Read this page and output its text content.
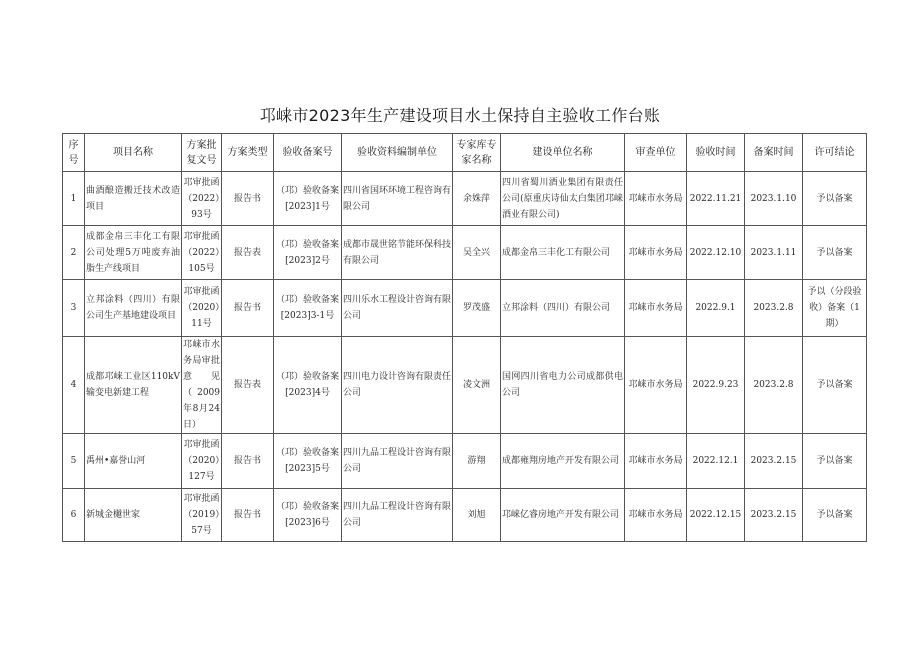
邛崃市2023年生产建设项目水土保持自主验收工作台账
序号	项目名称	方案批复文号	方案类型	验收备案号	验收资料编制单位	专家库专家名称	建设单位名称	审查单位	验收时间	备案时间	许可结论
1	曲酒酿造搬迁技术改造项目	邛审批函（2022）93号	报告书	（邛）验收备案[2023]1号	四川省国环环境工程咨询有限公司	余姝萍	四川省蜀川酒业集团有限责任公司(原重庆诗仙太白集团邛崃酒业有限公司)	邛崃市水务局	2022.11.21	2023.1.10	予以备案
2	成都金帛三丰化工有限公司处理5万吨废弃油脂生产线项目	邛审批函（2022）105号	报告表	（邛）验收备案[2023]2号	成都市晟世铭节能环保科技有限公司	吴全兴	成都金帛三丰化工有限公司	邛崃市水务局	2022.12.10	2023.1.11	予以备案
3	立邦涂料（四川）有限公司生产基地建设项目	邛审批函（2020）11号	报告书	（邛）验收备案[2023]3-1号	四川乐水工程设计咨询有限公司	罗茂盛	立邦涂料（四川）有限公司	邛崃市水务局	2022.9.1	2023.2.8	予以（分段验收）备案（1期）
4	成都邛崃工业区110kV输变电新建工程	邛崃市水务局审批意见（2009年8月24日）	报告表	（邛）验收备案[2023]4号	四川电力设计咨询有限责任公司	凌文洲	国网四川省电力公司成都供电公司	邛崃市水务局	2022.9.23	2023.2.8	予以备案
5	禹州•嘉誉山河	邛审批函（2020）127号	报告书	（邛）验收备案[2023]5号	四川九品工程设计咨询有限公司	游翔	成都雍翔房地产开发有限公司	邛崃市水务局	2022.12.1	2023.2.15	予以备案
6	新城金樾世家	邛审批函（2019）57号	报告书	（邛）验收备案[2023]6号	四川九品工程设计咨询有限公司	刘旭	邛崃亿睿房地产开发有限公司	邛崃市水务局	2022.12.15	2023.2.15	予以备案
